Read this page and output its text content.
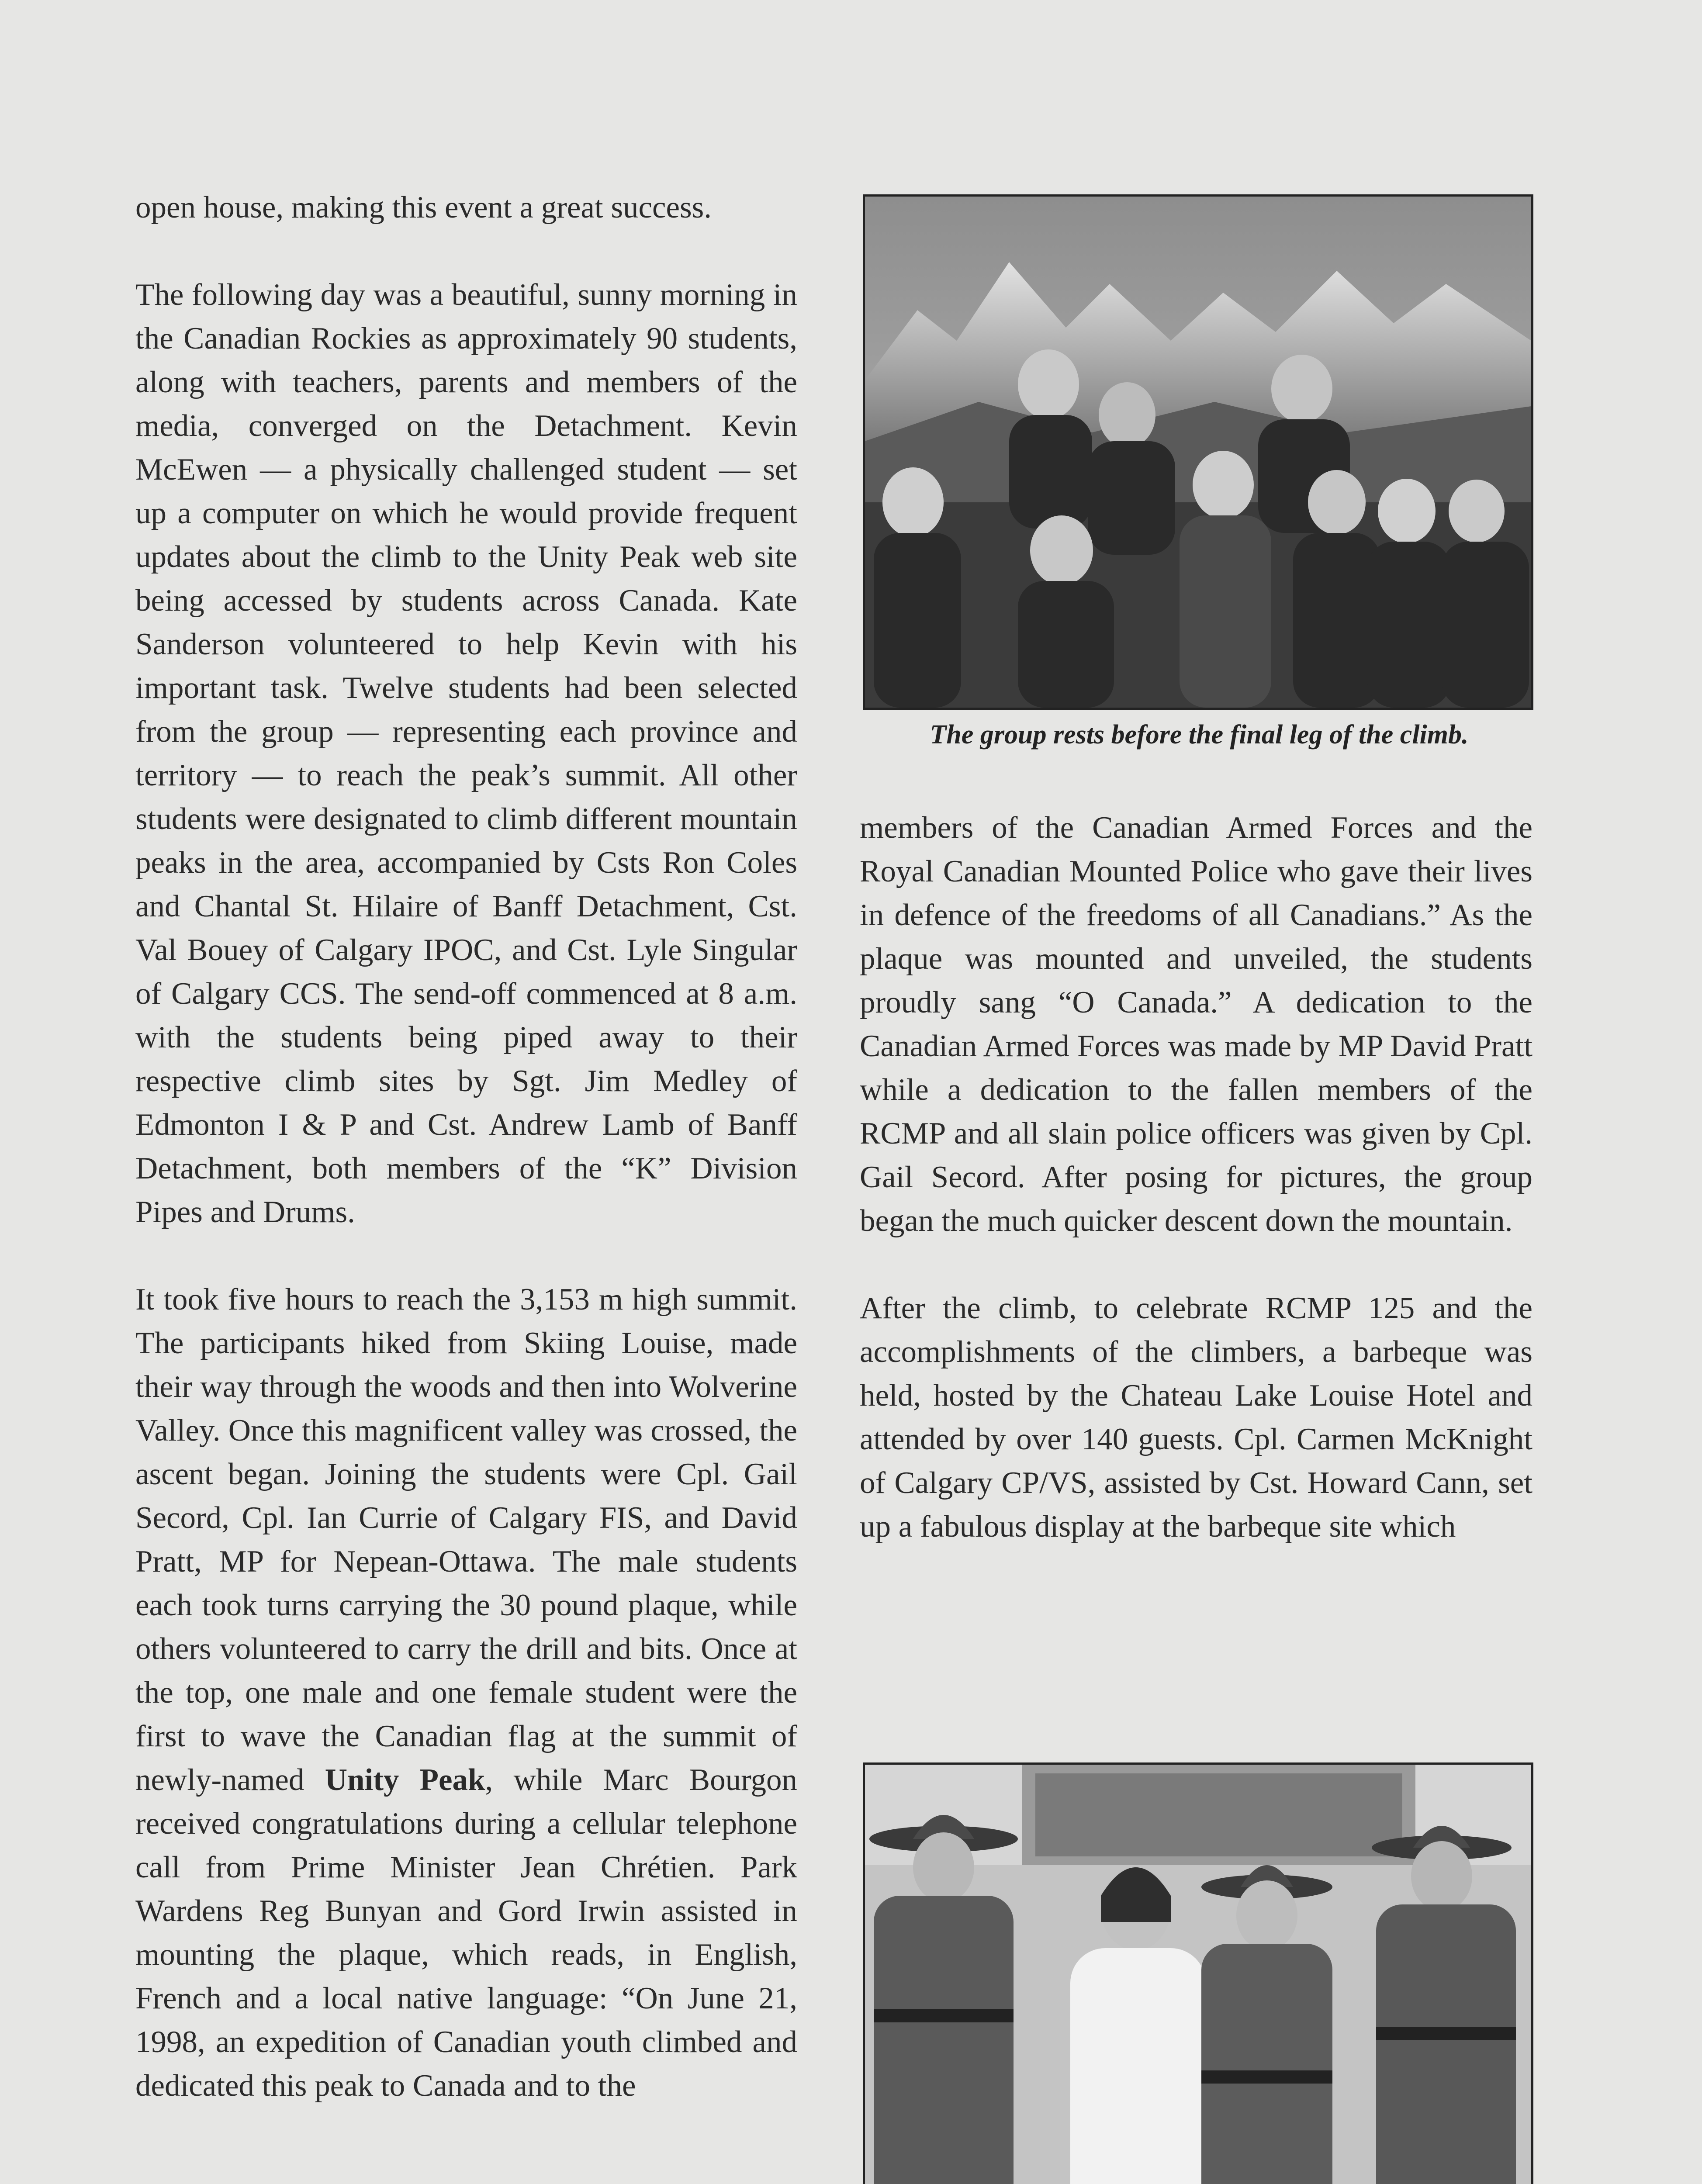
open house, making this event a great success.

The following day was a beautiful, sunny morning in the Canadian Rockies as approximately 90 students, along with teachers, parents and members of the media, converged on the Detachment. Kevin McEwen — a physically challenged student — set up a computer on which he would provide frequent updates about the climb to the Unity Peak web site being accessed by students across Canada. Kate Sanderson volunteered to help Kevin with his important task. Twelve students had been selected from the group — representing each province and territory — to reach the peak’s summit. All other students were designated to climb different mountain peaks in the area, accompanied by Csts Ron Coles and Chantal St. Hilaire of Banff Detachment, Cst. Val Bouey of Calgary IPOC, and Cst. Lyle Singular of Calgary CCS. The send-off commenced at 8 a.m. with the students being piped away to their respective climb sites by Sgt. Jim Medley of Edmonton I & P and Cst. Andrew Lamb of Banff Detachment, both members of the “K” Division Pipes and Drums.

It took five hours to reach the 3,153 m high summit. The participants hiked from Skiing Louise, made their way through the woods and then into Wolverine Valley. Once this magnificent valley was crossed, the ascent began. Joining the students were Cpl. Gail Secord, Cpl. Ian Currie of Calgary FIS, and David Pratt, MP for Nepean-Ottawa. The male students each took turns carrying the 30 pound plaque, while others volunteered to carry the drill and bits. Once at the top, one male and one female student were the first to wave the Canadian flag at the summit of newly-named Unity Peak, while Marc Bourgon received congratulations during a cellular telephone call from Prime Minister Jean Chrétien. Park Wardens Reg Bunyan and Gord Irwin assisted in mounting the plaque, which reads, in English, French and a local native language: “On June 21, 1998, an expedition of Canadian youth climbed and dedicated this peak to Canada and to the

The group rests before the final leg of the climb.

members of the Canadian Armed Forces and the Royal Canadian Mounted Police who gave their lives in defence of the freedoms of all Canadians.” As the plaque was mounted and unveiled, the students proudly sang “O Canada.” A dedication to the Canadian Armed Forces was made by MP David Pratt while a dedication to the fallen members of the RCMP and all slain police officers was given by Cpl. Gail Secord. After posing for pictures, the group began the much quicker descent down the mountain.

After the climb, to celebrate RCMP 125 and the accomplishments of the climbers, a barbeque was held, hosted by the Chateau Lake Louise Hotel and attended by over 140 guests. Cpl. Carmen McKnight of Calgary CP/VS, assisted by Cst. Howard Cann, set up a fabulous display at the barbeque site which
